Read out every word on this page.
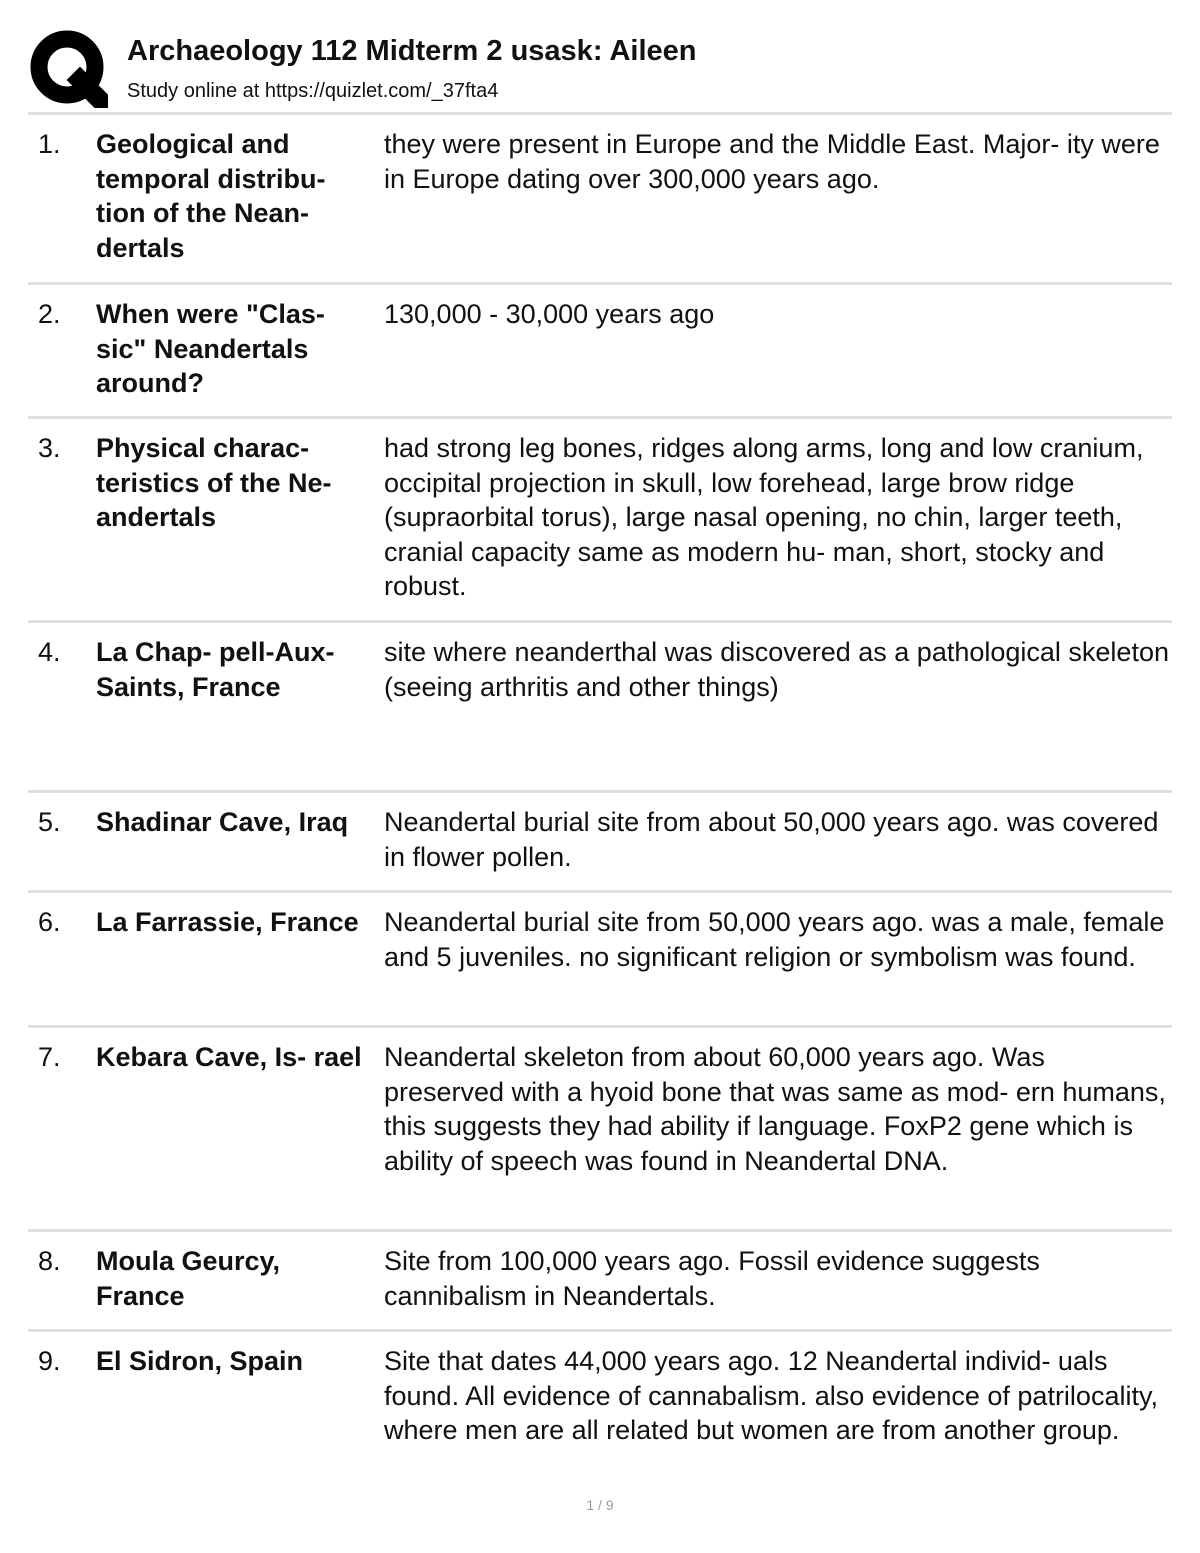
Archaeology 112 Midterm 2 usask: Aileen
Study online at https://quizlet.com/_37fta4
1. Geological and temporal distribu- tion of the Nean- dertals
they were present in Europe and the Middle East. Major- ity were in Europe dating over 300,000 years ago.
2. When were "Clas- sic" Neandertals around?
130,000 - 30,000 years ago
3. Physical charac- teristics of the Ne- andertals
had strong leg bones, ridges along arms, long and low cranium, occipital projection in skull, low forehead, large brow ridge (supraorbital torus), large nasal opening, no chin, larger teeth, cranial capacity same as modern hu- man, short, stocky and robust.
4. La Chap- pell-Aux-Saints, France
site where neanderthal was discovered as a pathological skeleton (seeing arthritis and other things)
5. Shadinar Cave, Iraq	Neandertal burial site from about 50,000 years ago. was covered in flower pollen.
6. La Farrassie, France Neandertal burial site from 50,000 years ago. was a male, female and 5 juveniles. no significant religion or symbolism was found.
7. Kebara Cave, Is- rael Neandertal skeleton from about 60,000 years ago. Was preserved with a hyoid bone that was same as mod- ern humans, this suggests they had ability if language. FoxP2 gene which is ability of speech was found in Neandertal DNA.
8. Moula Geurcy, France
Site from 100,000 years ago. Fossil evidence suggests cannibalism in Neandertals.
9. El Sidron, Spain	Site that dates 44,000 years ago. 12 Neandertal individ- uals found. All evidence of cannabalism. also evidence of patrilocality, where men are all related but women are from another group.
1 / 9
